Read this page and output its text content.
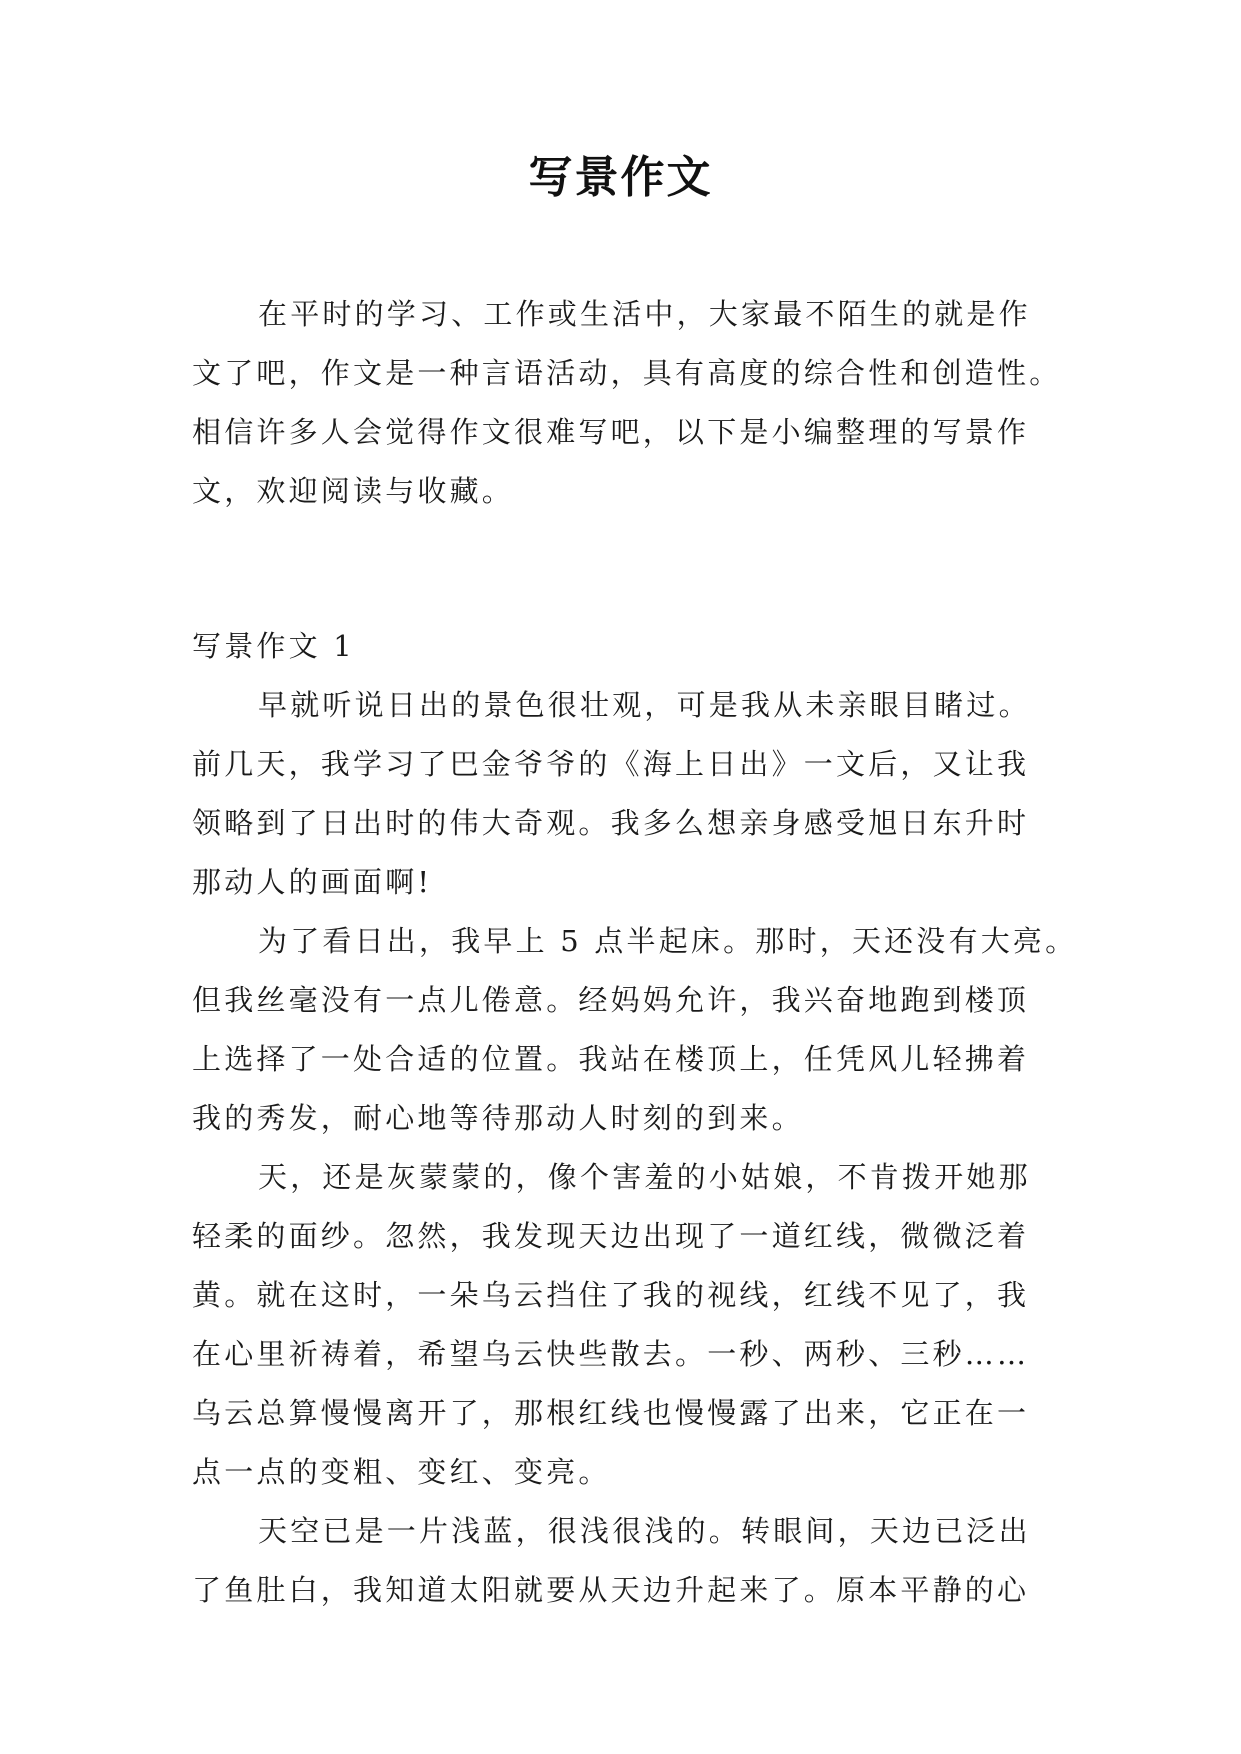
写景作文
在平时的学习、工作或生活中，大家最不陌生的就是作
文了吧，作文是一种言语活动，具有高度的综合性和创造性。
相信许多人会觉得作文很难写吧，以下是小编整理的写景作
文，欢迎阅读与收藏。
写景作文 1
早就听说日出的景色很壮观，可是我从未亲眼目睹过。
前几天，我学习了巴金爷爷的《海上日出》一文后，又让我
领略到了日出时的伟大奇观。我多么想亲身感受旭日东升时
那动人的画面啊!
为了看日出，我早上 5 点半起床。那时，天还没有大亮。
但我丝毫没有一点儿倦意。经妈妈允许，我兴奋地跑到楼顶
上选择了一处合适的位置。我站在楼顶上，任凭风儿轻拂着
我的秀发，耐心地等待那动人时刻的到来。
天，还是灰蒙蒙的，像个害羞的小姑娘，不肯拨开她那
轻柔的面纱。忽然，我发现天边出现了一道红线，微微泛着
黄。就在这时，一朵乌云挡住了我的视线，红线不见了，我
在心里祈祷着，希望乌云快些散去。一秒、两秒、三秒……
乌云总算慢慢离开了，那根红线也慢慢露了出来，它正在一
点一点的变粗、变红、变亮。
天空已是一片浅蓝，很浅很浅的。转眼间，天边已泛出
了鱼肚白，我知道太阳就要从天边升起来了。原本平静的心
